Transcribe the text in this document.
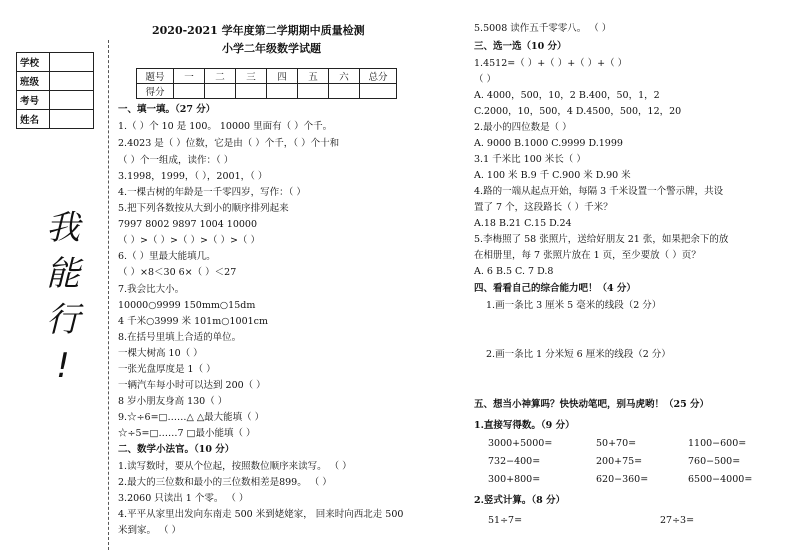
学校	
班级	
考号	
姓名	
我
能
行
!
2020-2021 学年度第二学期期中质量检测
小学二年级数学试题
题号	一	二	三	四	五	六	总分
得分							
一、填一填。（27 分）
1.（ ）个 10 是 100。 10000 里面有（ ）个千。
2.4023 是（ ）位数，它是由（ ）个千，（ ）个十和
（ ）个一组成，读作：（ ）
3.1998，1999，（ ），2001，（ ）
4.一棵古树的年龄是一千零四岁，写作：（ ）
5.把下列各数按从大到小的顺序排列起来
7997 8002 9897 1004 10000
（ ）>（ ）>（ ）>（ ）>（ ）
6.（ ）里最大能填几。
（ ）×8＜30 6×（ ）＜27
7.我会比大小。
10000○9999 150mm○15dm
4 千米○3999 米 101m○1001cm
8.在括号里填上合适的单位。
一棵大树高 10（ ）
一张光盘厚度是 1（ ）
一辆汽车每小时可以达到 200（ ）
8 岁小朋友身高 130（ ）
9.☆÷6=□……△ △最大能填（ ）
☆÷5=□……7 □最小能填（ ）
二、数学小法官。（10 分）
1.读写数时，要从个位起，按照数位顺序来读写。 （ ）
2.最大的三位数和最小的三位数相差是899。 （ ）
3.2060 只读出 1 个零。 （ ）
4.平平从家里出发向东南走 500 米到姥姥家， 回来时向西北走 500
米到家。 （ ）
5.5008 读作五千零零八。 （ ）
三、选一选（10 分）
1.4512=（ ）+（ ）+（ ）+（ ）
（ ）
A. 4000，500，10，2 B.400，50，1，2
C.2000，10，500，4 D.4500，500，12，20
2.最小的四位数是（ ）
A. 9000 B.1000 C.9999 D.1999
3.1 千米比 100 米长（ ）
A. 100 米 B.9 千 C.900 米 D.90 米
4.路的一端从起点开始，每隔 3 千米设置一个警示牌，共设
置了 7 个，这段路长（ ）千米？
A.18 B.21 C.15 D.24
5.李梅照了 58 张照片，送给好朋友 21 张，如果把余下的放
在相册里，每 7 张照片放在 1 页，至少要放（ ）页？
A. 6 B.5 C. 7 D.8
四、看看自己的综合能力吧！（4 分）
1.画一条比 3 厘米 5 毫米的线段（2 分）
2.画一条比 1 分米短 6 厘米的线段（2 分）
五、想当小神算吗？快快动笔吧，别马虎哟！（25 分）
1.直接写得数。（9 分）
3000+5000=	50+70=	1100−600=
732−400=	200+75=	760−500=
300+800=	620−360=	6500−4000=
2.竖式计算。（8 分）
51÷7=	27÷3=
